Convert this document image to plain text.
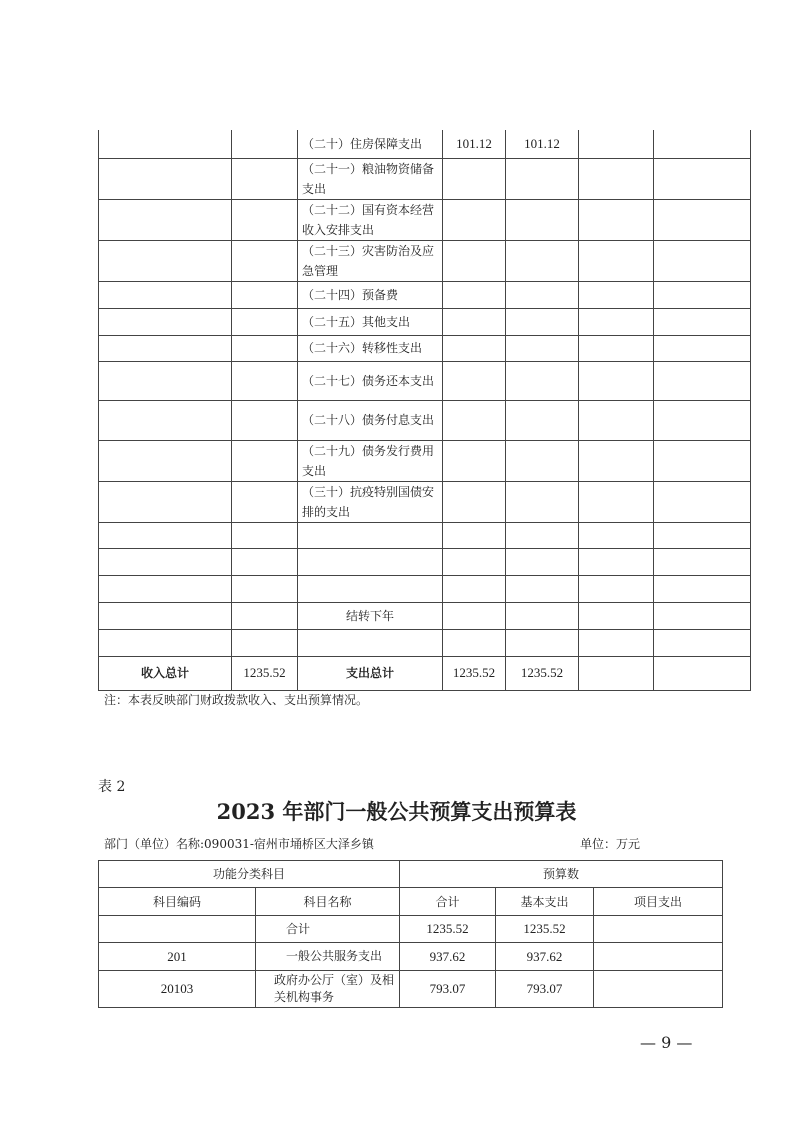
		（二十）住房保障支出	101.12	101.12		
		（二十一）粮油物资储备支出				
		（二十二）国有资本经营收入安排支出				
		（二十三）灾害防治及应急管理				
		（二十四）预备费				
		（二十五）其他支出				
		（二十六）转移性支出				
		（二十七）债务还本支出				
		（二十八）债务付息支出				
		（二十九）债务发行费用支出				
		（三十）抗疫特别国债安排的支出				

		结转下年				

收入总计	1235.52	支出总计	1235.52	1235.52		
注：本表反映部门财政拨款收入、支出预算情况。
表 2
2023 年部门一般公共预算支出预算表
部门（单位）名称:090031-宿州市埇桥区大泽乡镇	单位：万元
功能分类科目		预算数		
科目编码	科目名称	合计	基本支出	项目支出
	合计	1235.52	1235.52	
201	一般公共服务支出	937.62	937.62	
20103	政府办公厅（室）及相关机构事务	793.07	793.07	
— 9 —
